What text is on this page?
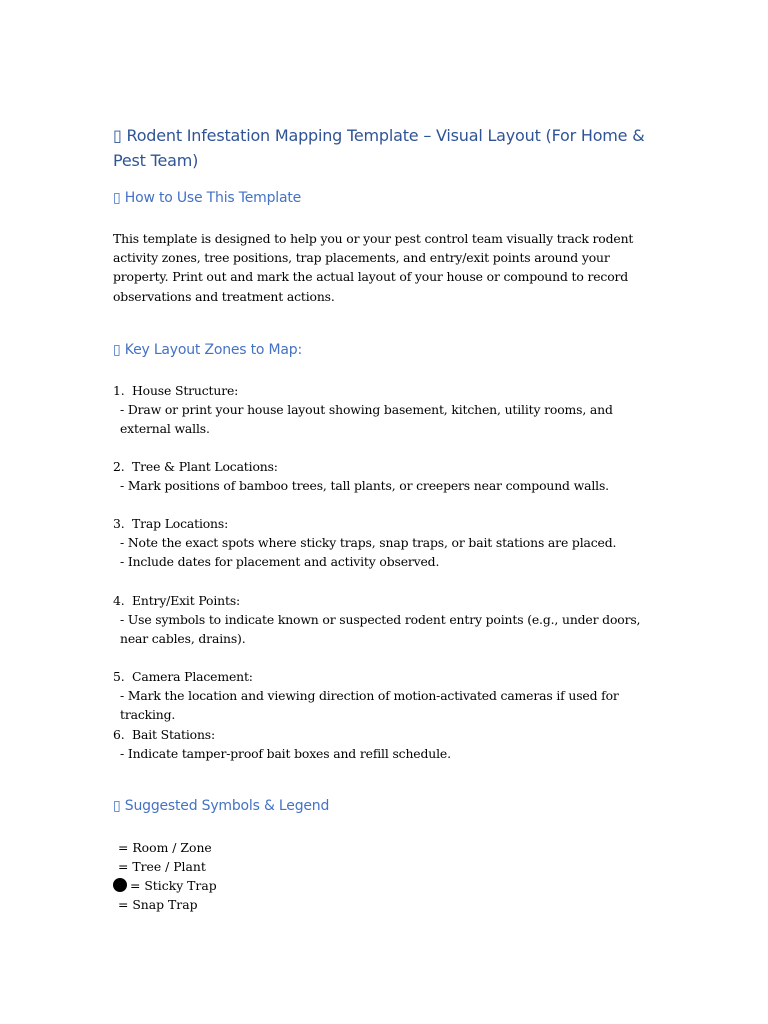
▯ Rodent Infestation Mapping Template – Visual Layout (For Home & Pest Team)
▯ How to Use This Template
This template is designed to help you or your pest control team visually track rodent activity zones, tree positions, trap placements, and entry/exit points around your property. Print out and mark the actual layout of your house or compound to record observations and treatment actions.
▯ Key Layout Zones to Map:
1. House Structure:
- Draw or print your house layout showing basement, kitchen, utility rooms, and external walls.
2. Tree & Plant Locations:
- Mark positions of bamboo trees, tall plants, or creepers near compound walls.
3. Trap Locations:
- Note the exact spots where sticky traps, snap traps, or bait stations are placed.
- Include dates for placement and activity observed.
4. Entry/Exit Points:
- Use symbols to indicate known or suspected rodent entry points (e.g., under doors, near cables, drains).
5. Camera Placement:
- Mark the location and viewing direction of motion-activated cameras if used for tracking.
6. Bait Stations:
- Indicate tamper-proof bait boxes and refill schedule.
▯ Suggested Symbols & Legend
= Room / Zone
= Tree / Plant
= Sticky Trap
= Snap Trap
